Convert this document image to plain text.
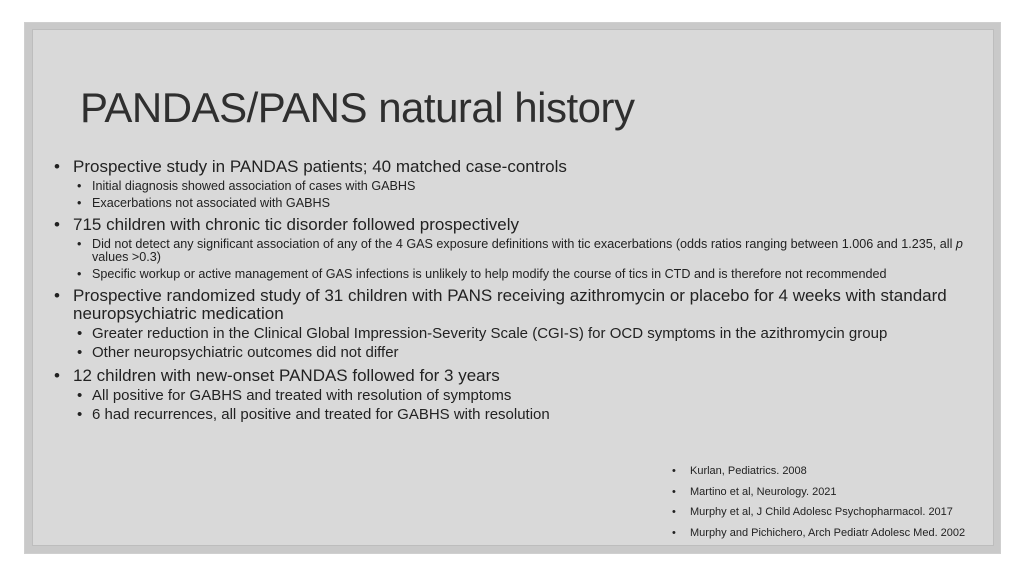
PANDAS/PANS natural history
• Prospective study in PANDAS patients; 40 matched case-controls
• Initial diagnosis showed association of cases with GABHS
• Exacerbations not associated with GABHS
• 715 children with chronic tic disorder followed prospectively
• Did not detect any significant association of any of the 4 GAS exposure definitions with tic exacerbations (odds ratios ranging between 1.006 and 1.235, all p values >0.3)
• Specific workup or active management of GAS infections is unlikely to help modify the course of tics in CTD and is therefore not recommended
• Prospective randomized study of 31 children with PANS receiving azithromycin or placebo for 4 weeks with standard neuropsychiatric medication
• Greater reduction in the Clinical Global Impression-Severity Scale (CGI-S) for OCD symptoms in the azithromycin group
• Other neuropsychiatric outcomes did not differ
• 12 children with new-onset PANDAS followed for 3 years
• All positive for GABHS and treated with resolution of symptoms
• 6 had recurrences, all positive and treated for GABHS with resolution
• Kurlan, Pediatrics. 2008
• Martino et al, Neurology. 2021
• Murphy et al, J Child Adolesc Psychopharmacol. 2017
• Murphy and Pichichero, Arch Pediatr Adolesc Med. 2002
